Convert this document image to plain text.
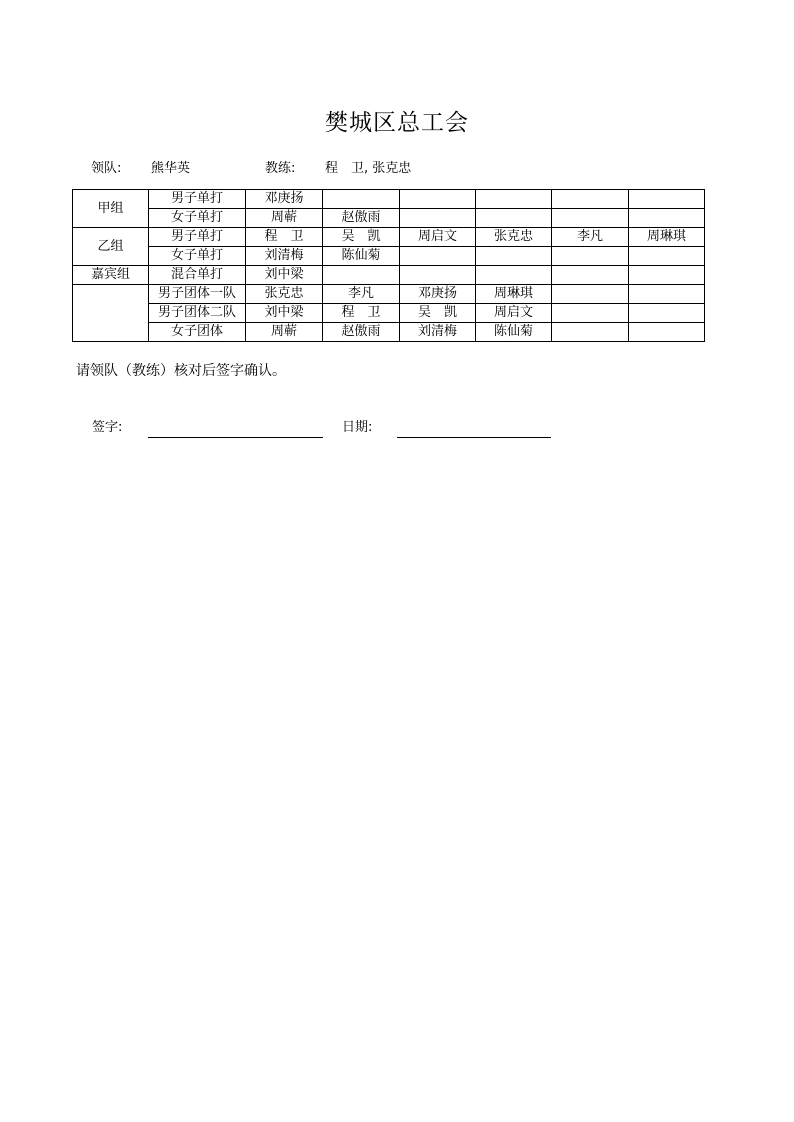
樊城区总工会
领队: 熊华英	教练: 程　卫, 张克忠
甲组	男子单打	邓庚扬					
	女子单打	周蕲	赵傲雨				
乙组	男子单打	程　卫	吴　凯	周启文	张克忠	李凡	周琳琪
	女子单打	刘清梅	陈仙菊				
嘉宾组	混合单打	刘中梁					
	男子团体一队	张克忠	李凡	邓庚扬	周琳琪		
	男子团体二队	刘中梁	程　卫	吴　凯	周启文		
	女子团体	周蕲	赵傲雨	刘清梅	陈仙菊		
请领队（教练）核对后签字确认。
签字:	日期:
